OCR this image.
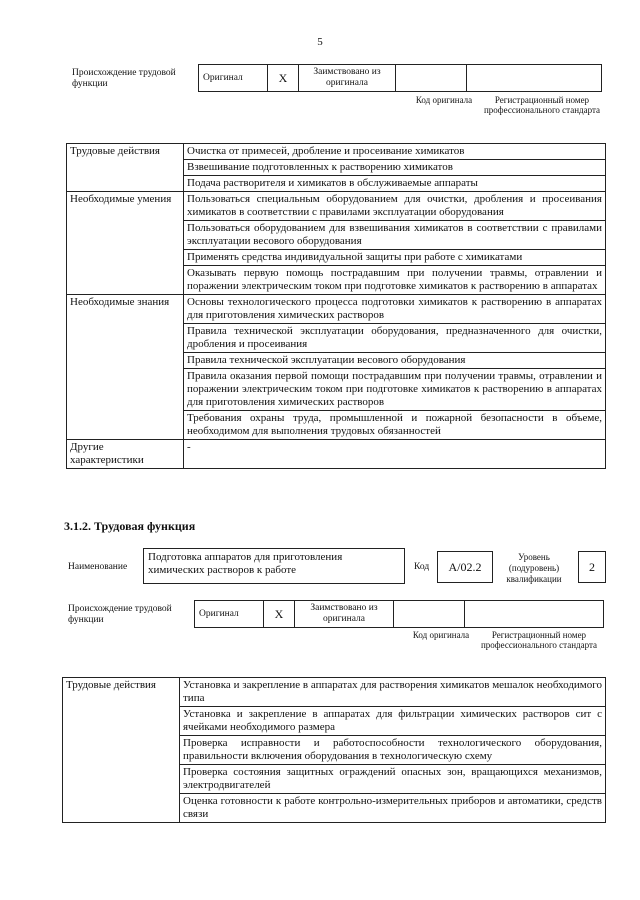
5
Происхождение трудовой функции
Оригинал	X	Заимствовано из оригинала		
Код оригинала	Регистрационный номер профессионального стандарта
Трудовые действия	Очистка от примесей, дробление и просеивание химикатов
	Взвешивание подготовленных к растворению химикатов
	Подача растворителя и химикатов в обслуживаемые аппараты
Необходимые умения	Пользоваться специальным оборудованием для очистки, дробления и просеивания химикатов в соответствии с правилами эксплуатации оборудования
	Пользоваться оборудованием для взвешивания химикатов в соответствии с правилами эксплуатации весового оборудования
	Применять средства индивидуальной защиты при работе с химикатами
	Оказывать первую помощь пострадавшим при получении травмы, отравлении и поражении электрическим током при подготовке химикатов к растворению в аппаратах
Необходимые знания	Основы технологического процесса подготовки химикатов к растворению в аппаратах для приготовления химических растворов
	Правила технической эксплуатации оборудования, предназначенного для очистки, дробления и просеивания
	Правила технической эксплуатации весового оборудования
	Правила оказания первой помощи пострадавшим при получении травмы, отравлении и поражении электрическим током при подготовке химикатов к растворению в аппаратах для приготовления химических растворов
	Требования охраны труда, промышленной и пожарной безопасности в объеме, необходимом для выполнения трудовых обязанностей
Другие характеристики	-
3.1.2. Трудовая функция
Наименование
Подготовка аппаратов для приготовления химических растворов к работе	Код	A/02.2
Уровень (подуровень) квалификации
2
Происхождение трудовой функции
Оригинал	X	Заимствовано из оригинала		
Код оригинала	Регистрационный номер профессионального стандарта
Трудовые действия	Установка и закрепление в аппаратах для растворения химикатов мешалок необходимого типа
Установка и закрепление в аппаратах для фильтрации химических растворов сит с ячейками необходимого размера
Проверка исправности и работоспособности технологического оборудования, правильности включения оборудования в технологическую схему
Проверка состояния защитных ограждений опасных зон, вращающихся механизмов, электродвигателей
Оценка готовности к работе контрольно-измерительных приборов и автоматики, средств связи
